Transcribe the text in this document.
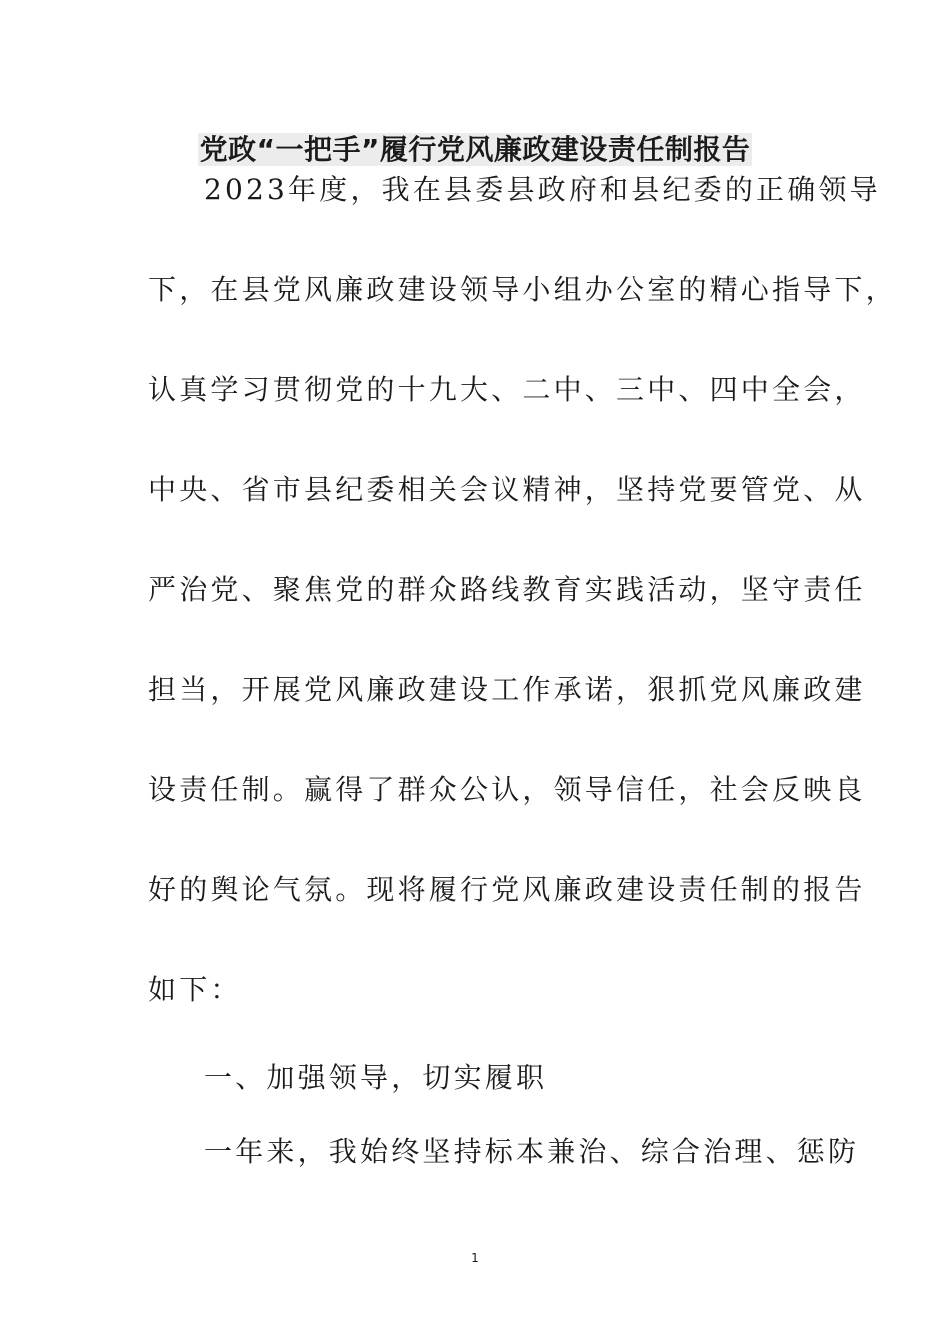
党政“一把手”履行党风廉政建设责任制报告
2023年度，我在县委县政府和县纪委的正确领导
下，在县党风廉政建设领导小组办公室的精心指导下，
认真学习贯彻党的十九大、二中、三中、四中全会，
中央、省市县纪委相关会议精神，坚持党要管党、从
严治党、聚焦党的群众路线教育实践活动，坚守责任
担当，开展党风廉政建设工作承诺，狠抓党风廉政建
设责任制。赢得了群众公认，领导信任，社会反映良
好的舆论气氛。现将履行党风廉政建设责任制的报告
如下：
一、加强领导，切实履职
一年来，我始终坚持标本兼治、综合治理、惩防
1
